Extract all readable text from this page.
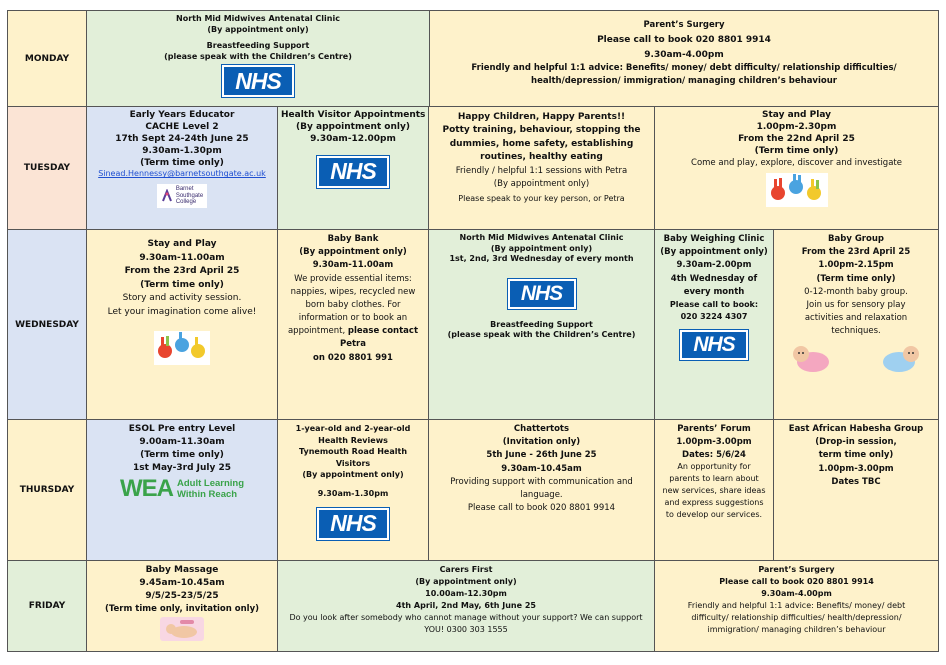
MONDAY
TUESDAY
WEDNESDAY
THURSDAY
FRIDAY
North Mid Midwives Antenatal Clinic
(By appointment only)
Breastfeeding Support
(please speak with the Children’s Centre)
NHS
Parent’s Surgery
Please call to book 020 8801 9914
9.30am-4.00pm
Friendly and helpful 1:1 advice: Benefits/ money/ debt difficulty/ relationship difficulties/
health/depression/ immigration/ managing children’s behaviour
Early Years Educator
CACHE Level 2
17th Sept 24-24th June 25
9.30am-1.30pm
(Term time only)
Sinead.Hennessy@barnetsouthgate.ac.uk
Barnet
Southgate
College
Health Visitor Appointments
(By appointment only)
9.30am-12.00pm
NHS
Happy Children, Happy Parents!!
Potty training, behaviour, stopping the
dummies, home safety, establishing
routines, healthy eating
Friendly / helpful 1:1 sessions with Petra
(By appointment only)
Please speak to your key person, or Petra
Stay and Play
1.00pm-2.30pm
From the 22nd April 25
(Term time only)
Come and play, explore, discover and investigate
Stay and Play
9.30am-11.00am
From the 23rd April 25
(Term time only)
Story and activity session.
Let your imagination come alive!
Baby Bank
(By appointment only)
9.30am-11.00am
We provide essential items:
nappies, wipes, recycled new
born baby clothes. For
information or to book an
appointment, please contact
Petra
on 020 8801 991
North Mid Midwives Antenatal Clinic
(By appointment only)
1st, 2nd, 3rd Wednesday of every month
NHS
Breastfeeding Support
(please speak with the Children’s Centre)
Baby Weighing Clinic
(By appointment only)
9.30am-2.00pm
4th Wednesday of
every month
Please call to book:
020 3224 4307
NHS
Baby Group
From the 23rd April 25
1.00pm-2.15pm
(Term time only)
0-12-month baby group.
Join us for sensory play
activities and relaxation
techniques.
ESOL Pre entry Level
9.00am-11.30am
(Term time only)
1st May-3rd July 25
WEA Adult Learning
Within Reach
1-year-old and 2-year-old
Health Reviews
Tynemouth Road Health
Visitors
(By appointment only)
9.30am-1.30pm
NHS
Chattertots
(Invitation only)
5th June - 26th June 25
9.30am-10.45am
Providing support with communication and
language.
Please call to book 020 8801 9914
Parents’ Forum
1.00pm-3.00pm
Dates: 5/6/24
An opportunity for
parents to learn about
new services, share ideas
and express suggestions
to develop our services.
East African Habesha Group
(Drop-in session,
term time only)
1.00pm-3.00pm
Dates TBC
Baby Massage
9.45am-10.45am
9/5/25-23/5/25
(Term time only, invitation only)
Carers First
(By appointment only)
10.00am-12.30pm
4th April, 2nd May, 6th June 25
Do you look after somebody who cannot manage without your support? We can support
YOU! 0300 303 1555
Parent’s Surgery
Please call to book 020 8801 9914
9.30am-4.00pm
Friendly and helpful 1:1 advice: Benefits/ money/ debt
difficulty/ relationship difficulties/ health/depression/
immigration/ managing children’s behaviour
